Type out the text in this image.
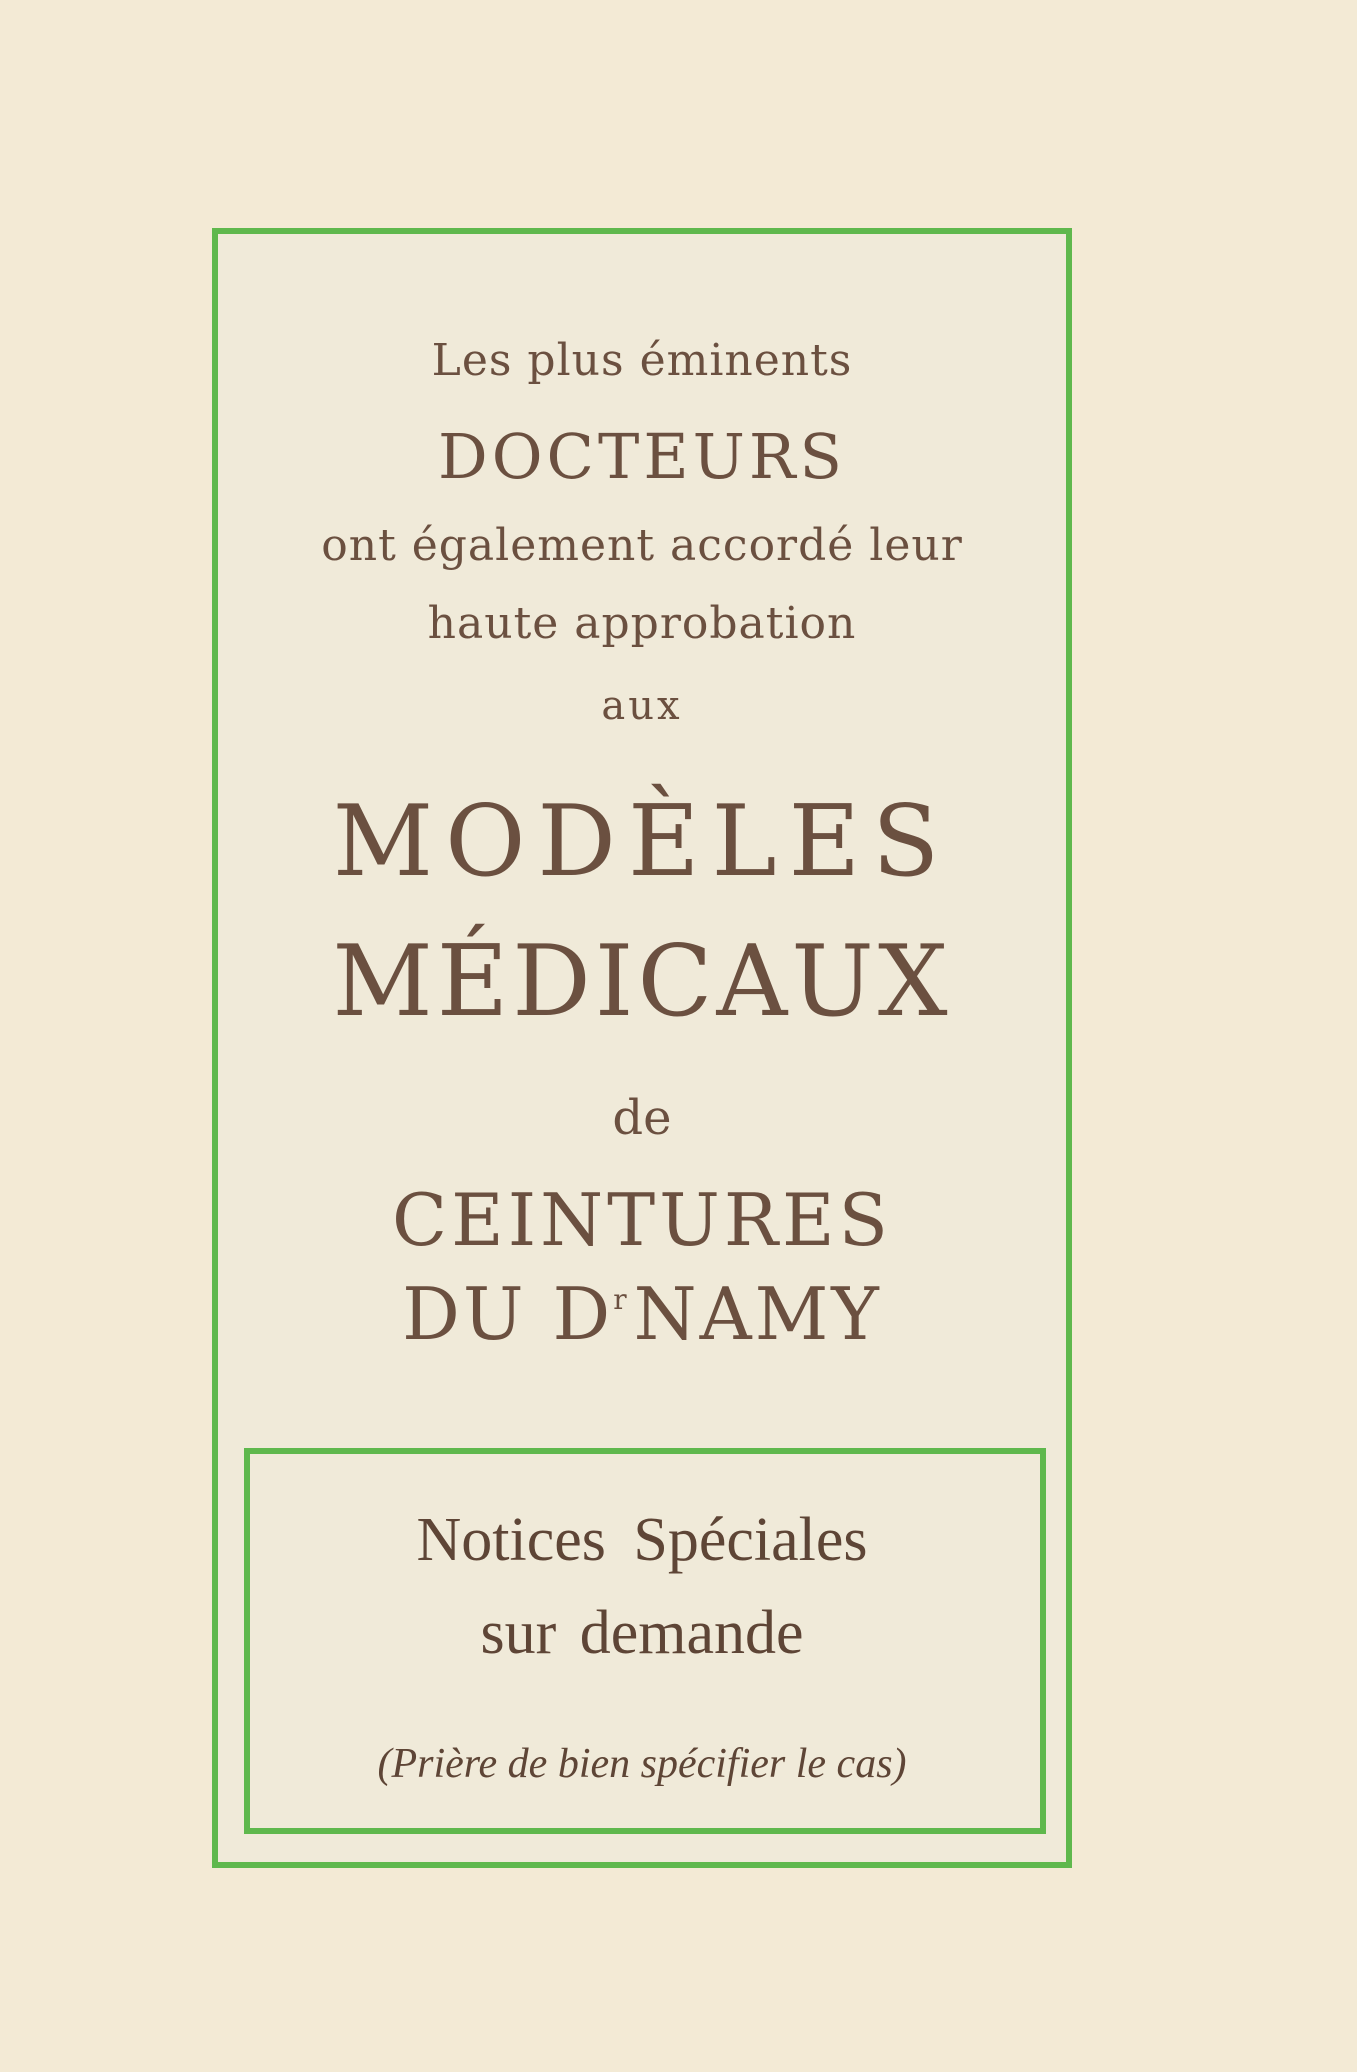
Les plus éminents
DOCTEURS
ont également accordé leur
haute approbation
aux
MODÈLES
MÉDICAUX
de
CEINTURES
DU $D^rNAMY$
Notices Spéciales
sur demande
(Prière de bien spécifier le cas)
